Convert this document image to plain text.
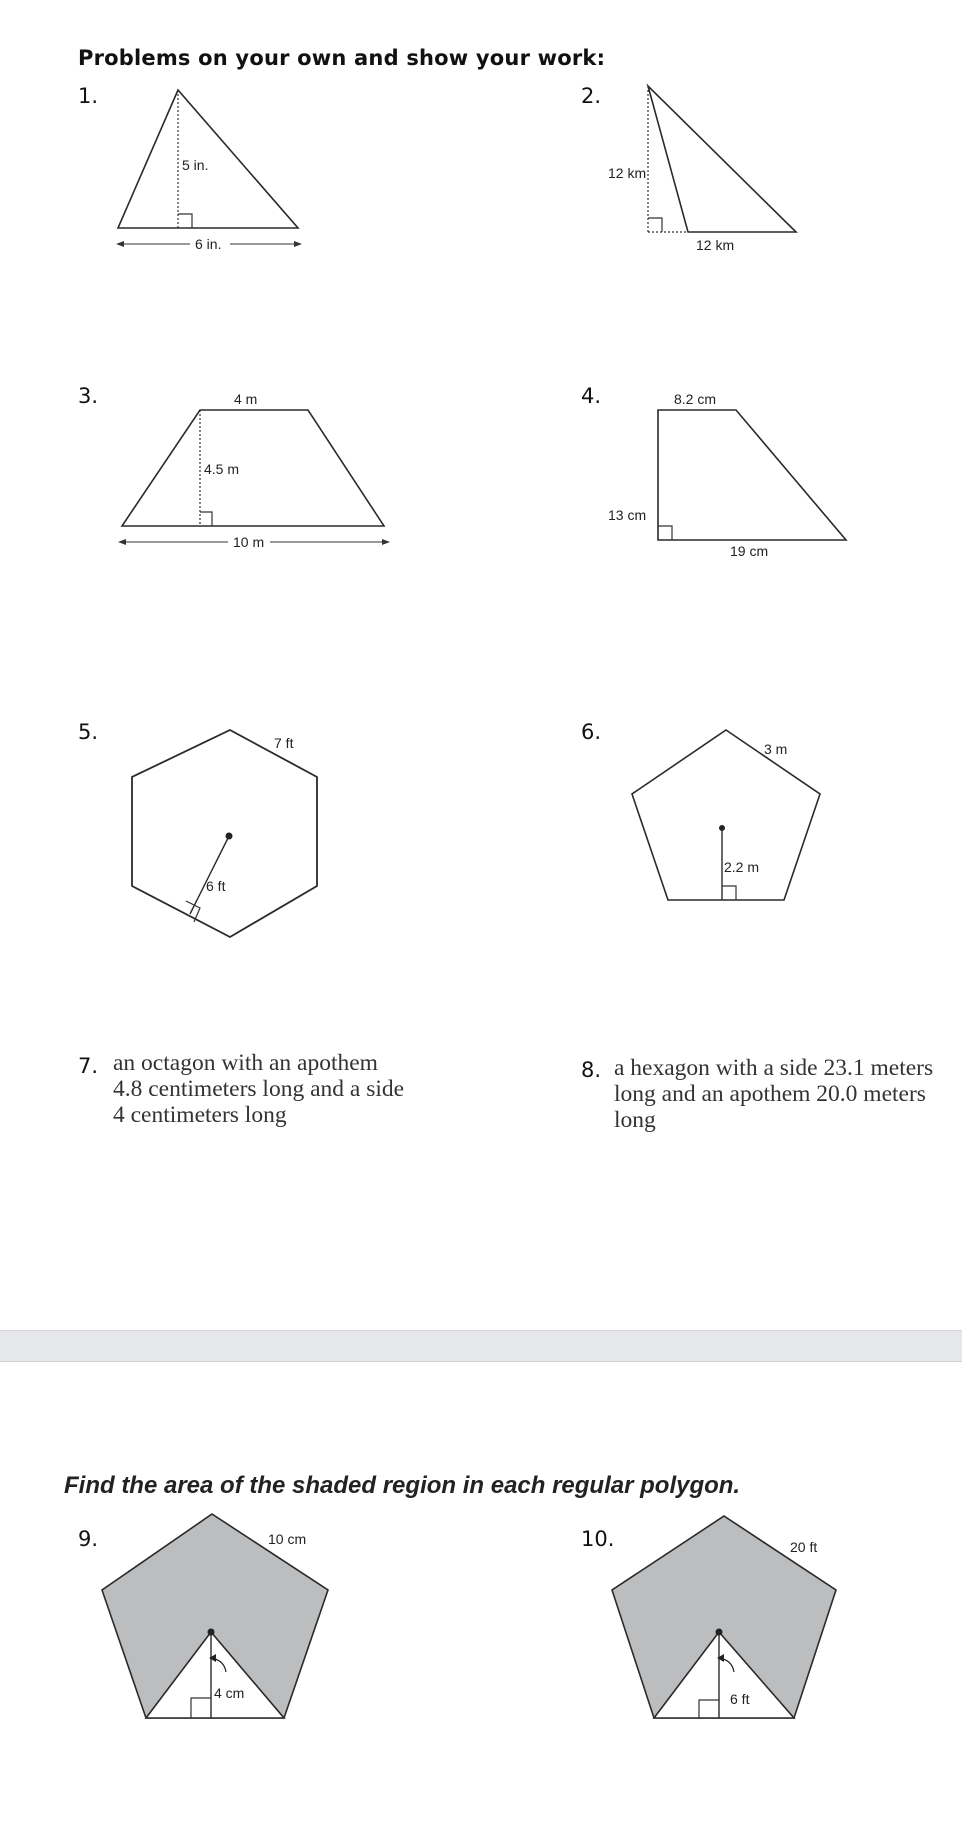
Problems on your own and show your work:
1.
5 in.
6 in.
2.
12 km
12 km
3.	4 m
4.5 m
10 m
4.	8.2 cm
13 cm
19 cm
5.	7 ft
6 ft
6.
3 m
2.2 m
7. an octagon with an apothem
4.8 centimeters long and a side
4 centimeters long
8. a hexagon with a side 23.1 meters
long and an apothem 20.0 meters
long
Find the area of the shaded region in each regular polygon.
9.	10 cm
4 cm
10.	20 ft
6 ft
